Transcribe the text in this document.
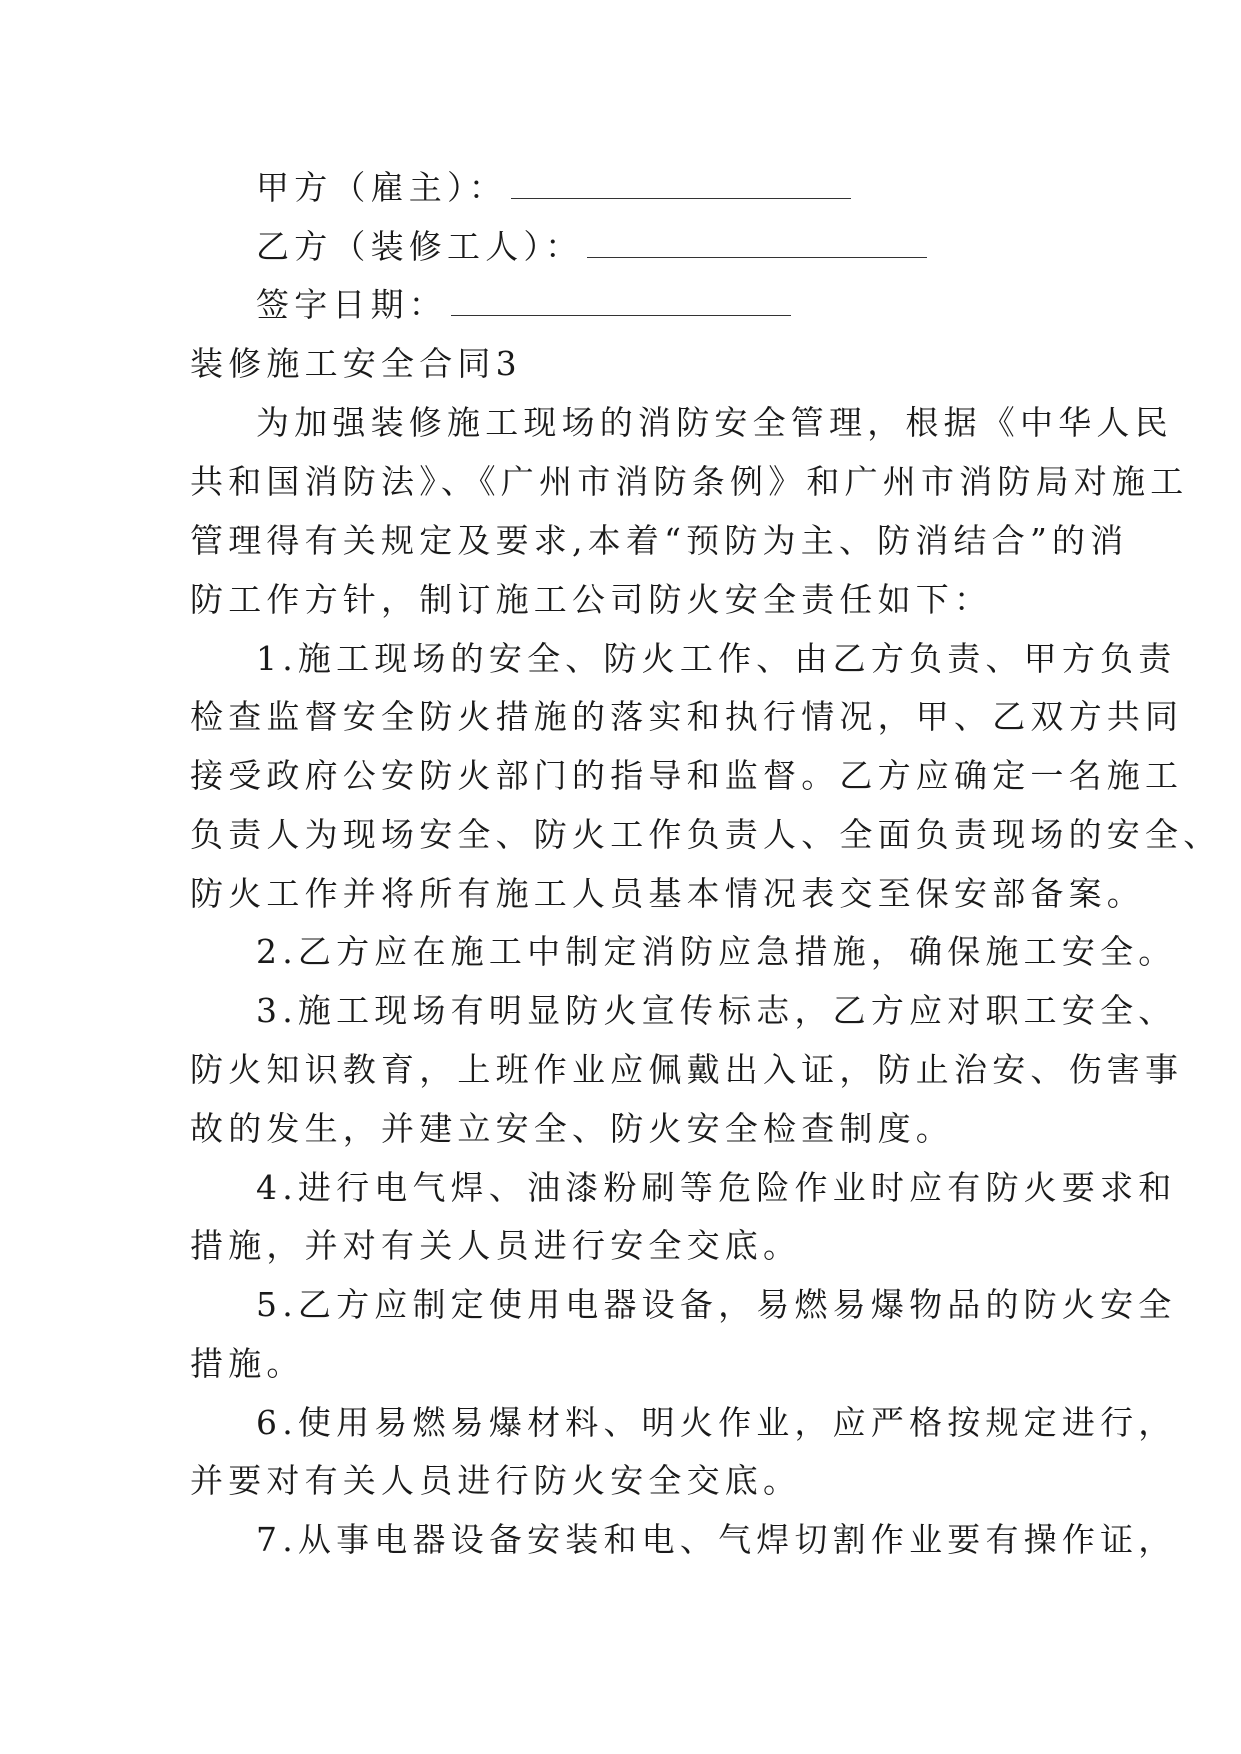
甲方（雇主）：
乙方（装修工人）：
签字日期：
装修施工安全合同3
为加强装修施工现场的消防安全管理，根据《中华人民
共和国消防法》、《广州市消防条例》和广州市消防局对施工
管理得有关规定及要求,本着“预防为主、防消结合”的消
防工作方针，制订施工公司防火安全责任如下：
1.施工现场的安全、防火工作、由乙方负责、甲方负责
检查监督安全防火措施的落实和执行情况，甲、乙双方共同
接受政府公安防火部门的指导和监督。乙方应确定一名施工
负责人为现场安全、防火工作负责人、全面负责现场的安全、
防火工作并将所有施工人员基本情况表交至保安部备案。
2.乙方应在施工中制定消防应急措施，确保施工安全。
3.施工现场有明显防火宣传标志，乙方应对职工安全、
防火知识教育，上班作业应佩戴出入证，防止治安、伤害事
故的发生，并建立安全、防火安全检查制度。
4.进行电气焊、油漆粉刷等危险作业时应有防火要求和
措施，并对有关人员进行安全交底。
5.乙方应制定使用电器设备，易燃易爆物品的防火安全
措施。
6.使用易燃易爆材料、明火作业，应严格按规定进行，
并要对有关人员进行防火安全交底。
7.从事电器设备安装和电、气焊切割作业要有操作证，
